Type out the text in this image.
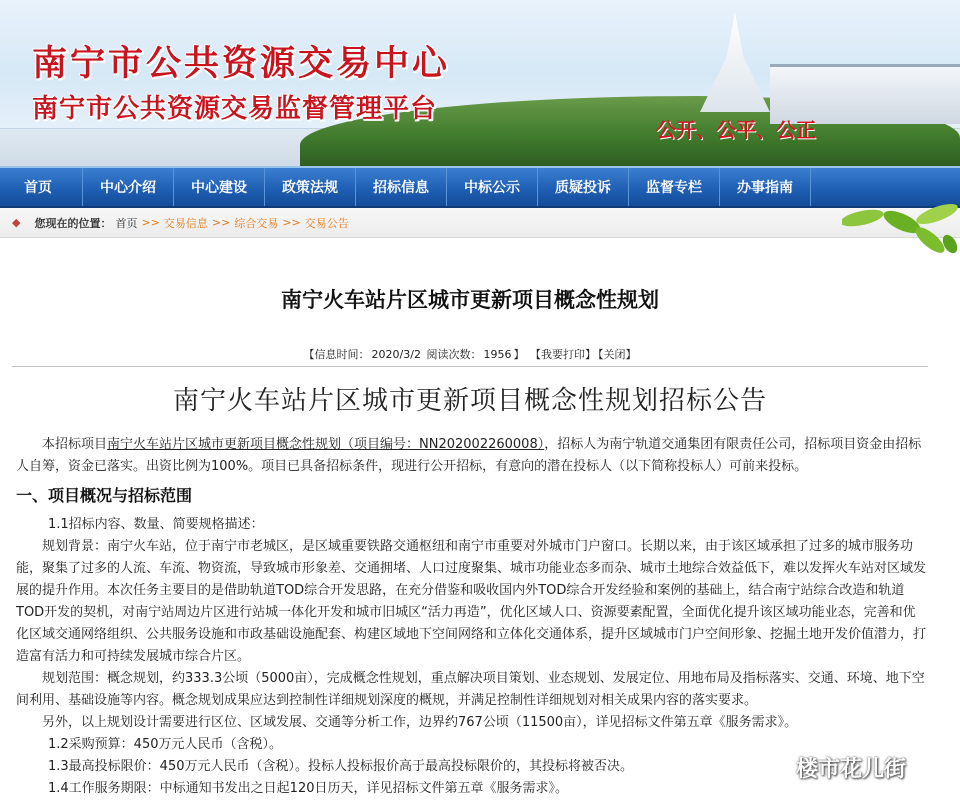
南宁市公共资源交易中心
南宁市公共资源交易监督管理平台
公开、公平、公正
首页	中心介绍	中心建设	政策法规	招标信息	中标公示	质疑投诉	监督专栏	办事指南
◆ 您现在的位置： 首页 >> 交易信息 >> 综合交易 >> 交易公告
南宁火车站片区城市更新项目概念性规划
【信息时间： 2020/3/2 阅读次数： 1956 】 【我要打印】 【关闭】
南宁火车站片区城市更新项目概念性规划招标公告

本招标项目南宁火车站片区城市更新项目概念性规划（项目编号：NN202002260008），招标人为南宁轨道交通集团有限责任公司，招标项目资金由招标人自筹，资金已落实。出资比例为100%。项目已具备招标条件，现进行公开招标，有意向的潜在投标人（以下简称投标人）可前来投标。

一、项目概况与招标范围

1.1招标内容、数量、简要规格描述：

规划背景：南宁火车站，位于南宁市老城区，是区域重要铁路交通枢纽和南宁市重要对外城市门户窗口。长期以来，由于该区域承担了过多的城市服务功能，聚集了过多的人流、车流、物资流，导致城市形象差、交通拥堵、人口过度聚集、城市功能业态多而杂、城市土地综合效益低下，难以发挥火车站对区域发展的提升作用。本次任务主要目的是借助轨道TOD综合开发思路，在充分借鉴和吸收国内外TOD综合开发经验和案例的基础上，结合南宁站综合改造和轨道TOD开发的契机，对南宁站周边片区进行站城一体化开发和城市旧城区“活力再造”，优化区域人口、资源要素配置，全面优化提升该区域功能业态，完善和优化区域交通网络组织、公共服务设施和市政基础设施配套、构建区域地下空间网络和立体化交通体系，提升区域城市门户空间形象、挖掘土地开发价值潜力，打造富有活力和可持续发展城市综合片区。

规划范围：概念规划，约333.3公顷（5000亩），完成概念性规划，重点解决项目策划、业态规划、发展定位、用地布局及指标落实、交通、环境、地下空间利用、基础设施等内容。概念规划成果应达到控制性详细规划深度的概规，并满足控制性详细规划对相关成果内容的落实要求。

另外，以上规划设计需要进行区位、区域发展、交通等分析工作，边界约767公顷（11500亩），详见招标文件第五章《服务需求》。

1.2采购预算：450万元人民币（含税）。

1.3最高投标限价：450万元人民币（含税）。投标人投标报价高于最高投标限价的，其投标将被否决。

1.4工作服务期限：中标通知书发出之日起120日历天，详见招标文件第五章《服务需求》。

楼市花儿街
